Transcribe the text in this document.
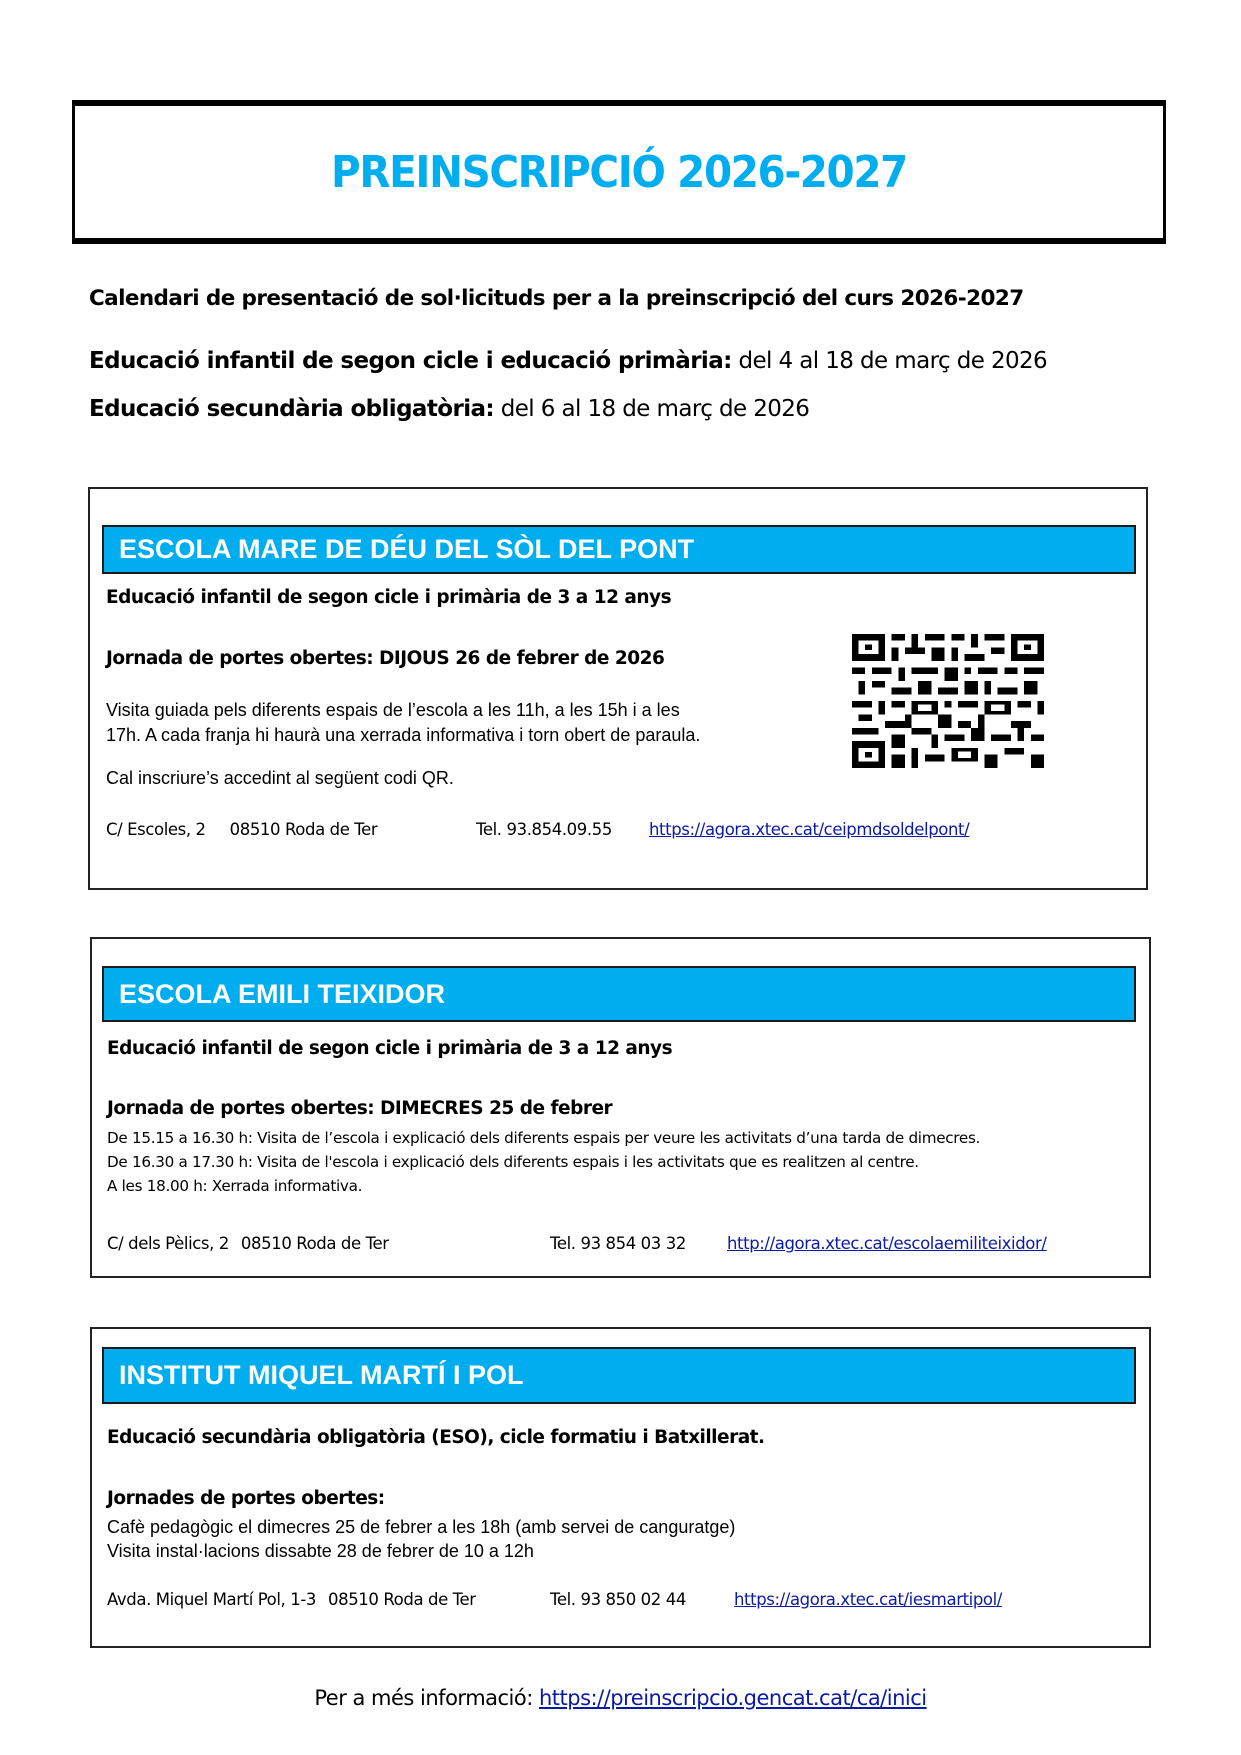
PREINSCRIPCIÓ 2026-2027
Calendari de presentació de sol·licituds per a la preinscripció del curs 2026-2027
Educació infantil de segon cicle i educació primària: del 4 al 18 de març de 2026
Educació secundària obligatòria: del 6 al 18 de març de 2026
ESCOLA MARE DE DÉU DEL SÒL DEL PONT
Educació infantil de segon cicle i primària de 3 a 12 anys
Jornada de portes obertes: DIJOUS 26 de febrer de 2026
Visita guiada pels diferents espais de l’escola a les 11h, a les 15h i a les
17h. A cada franja hi haurà una xerrada informativa i torn obert de paraula.
Cal inscriure’s accedint al següent codi QR.
C/ Escoles, 2 08510 Roda de Ter	Tel. 93.854.09.55 https://agora.xtec.cat/ceipmdsoldelpont/
ESCOLA EMILI TEIXIDOR
Educació infantil de segon cicle i primària de 3 a 12 anys
Jornada de portes obertes: DIMECRES 25 de febrer
De 15.15 a 16.30 h: Visita de l’escola i explicació dels diferents espais per veure les activitats d’una tarda de dimecres.
De 16.30 a 17.30 h: Visita de l'escola i explicació dels diferents espais i les activitats que es realitzen al centre.
A les 18.00 h: Xerrada informativa.
C/ dels Pèlics, 2 08510 Roda de Ter	Tel. 93 854 03 32 http://agora.xtec.cat/escolaemiliteixidor/
INSTITUT MIQUEL MARTÍ I POL
Educació secundària obligatòria (ESO), cicle formatiu i Batxillerat.
Jornades de portes obertes:
Cafè pedagògic el dimecres 25 de febrer a les 18h (amb servei de canguratge)
Visita instal·lacions dissabte 28 de febrer de 10 a 12h
Avda. Miquel Martí Pol, 1-3 08510 Roda de Ter	Tel. 93 850 02 44	https://agora.xtec.cat/iesmartipol/
Per a més informació: https://preinscripcio.gencat.cat/ca/inici
